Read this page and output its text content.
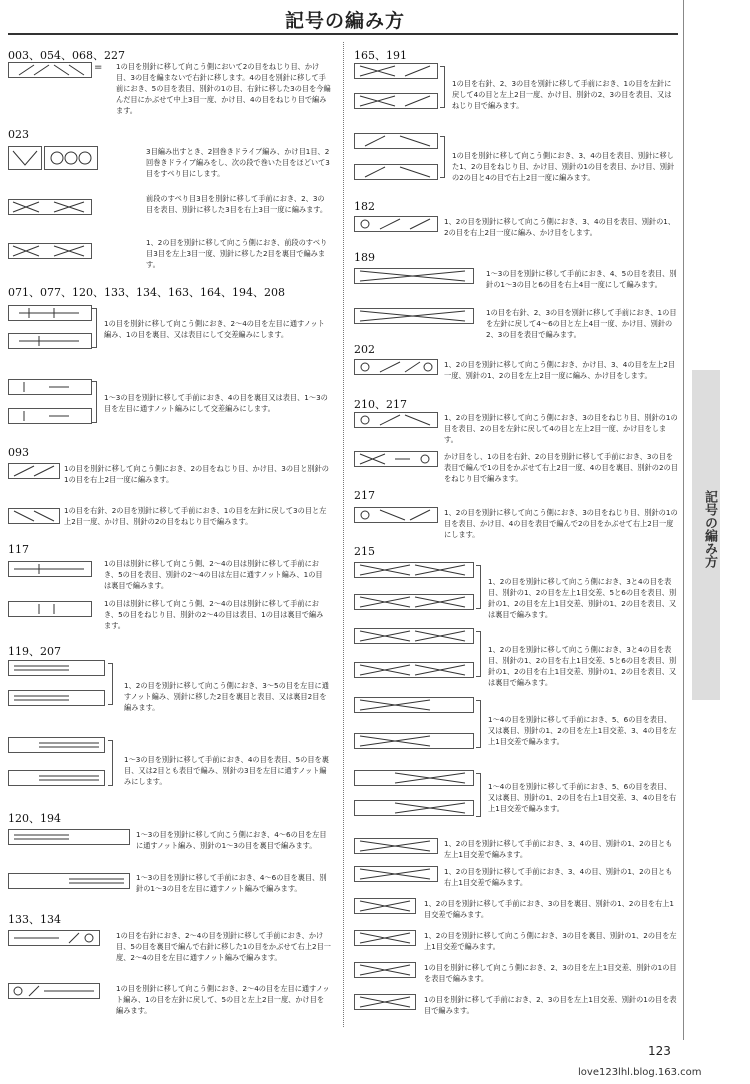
記号の編み方
記号の編み方
003、054、068、227
= 1の目を別針に移して向こう側において2の目をねじり目、かけ目、3の目を編まないで右針に移します。4の目を別針に移して手前におき、5の目を表目、別針の1の目、右針に移した3の目を今編んだ目にかぶせて中上3目一度、かけ目、4の目をねじり目で編みます。
023
3目編み出すとき、2回巻きドライブ編み、かけ目1目、2回巻きドライブ編みをし、次の段で巻いた目をほどいて3目をすべり目にします。
前段のすべり目3目を別針に移して手前におき、2、3の目を表目、別針に移した3目を右上3目一度に編みます。
1、2の目を別針に移して向こう側におき、前段のすべり目3目を左上3目一度、別針に移した2目を裏目で編みます。
071、077、120、133、134、163、164、194、208
1の目を別針に移して向こう側におき、2〜4の目を左目に通すノット編み、1の目を裏目、又は表目にして交差編みにします。
1〜3の目を別針に移して手前におき、4の目を裏目又は表目、1〜3の目を左目に通すノット編みにして交差編みにします。
093
1の目を別針に移して向こう側におき、2の目をねじり目、かけ目、3の目と別針の1の目を右上2目一度に編みます。
1の目を右針、2の目を別針に移して手前におき、1の目を左針に戻して3の目と左上2目一度、かけ目、別針の2の目をねじり目で編みます。
117
1の目は別針に移して向こう側、2〜4の目は別針に移して手前におき、5の目を表目、別針の2〜4の目は左目に通すノット編み、1の目は裏目で編みます。
1の目は別針に移して向こう側、2〜4の目は別針に移して手前におき、5の目をねじり目、別針の2〜4の目は表目、1の目は裏目で編みます。
119、207
1、2の目を別針に移して向こう側におき、3〜5の目を左目に通すノット編み、別針に移した2目を裏目と表目、又は裏目2目を編みます。
1〜3の目を別針に移して手前におき、4の目を表目、5の目を裏目、又は2目とも表目で編み、別針の3目を左目に通すノット編みにします。
120、194
1〜3の目を別針に移して向こう側におき、4〜6の目を左目に通すノット編み、別針の1〜3の目を裏目で編みます。
1〜3の目を別針に移して手前におき、4〜6の目を裏目、別針の1〜3の目を左目に通すノット編みで編みます。
133、134
1の目を右針におき、2〜4の目を別針に移して手前におき、かけ目、5の目を裏目で編んで右針に移した1の目をかぶせて右上2目一度、2〜4の目を左目に通すノット編みで編みます。
1の目を別針に移して向こう側におき、2〜4の目を左目に通すノット編み、1の目を左針に戻して、5の目と左上2目一度、かけ目を編みます。
165、191
1の目を右針、2、3の目を別針に移して手前におき、1の目を左針に戻して4の目と左上2目一度、かけ目、別針の2、3の目を表目、又はねじり目で編みます。
1の目を別針に移して向こう側におき、3、4の目を表目、別針に移した1、2の目をねじり目、かけ目、別針の1の目を表目、かけ目、別針の2の目と4の目で右上2目一度に編みます。
182
1、2の目を別針に移して向こう側におき、3、4の目を表目、別針の1、2の目を右上2目一度に編み、かけ目をします。
189
1〜3の目を別針に移して手前におき、4、5の目を表目、別針の1〜3の目と6の目を右上4目一度にして編みます。
1の目を右針、2、3の目を別針に移して手前におき、1の目を左針に戻して4〜6の目と左上4目一度、かけ目、別針の2、3の目を表目で編みます。
202
1、2の目を別針に移して向こう側におき、かけ目、3、4の目を左上2目一度、別針の1、2の目を左上2目一度に編み、かけ目をします。
210、217
1、2の目を別針に移して向こう側におき、3の目をねじり目、別針の1の目を表目、2の目を左針に戻して4の目と左上2目一度、かけ目をします。
かけ目をし、1の目を右針、2の目を別針に移して手前におき、3の目を表目で編んで1の目をかぶせて右上2目一度、4の目を裏目、別針の2の目をねじり目で編みます。
217
1、2の目を別針に移して向こう側におき、3の目をねじり目、別針の1の目を表目、かけ目、4の目を表目で編んで2の目をかぶせて右上2目一度にします。
215
1、2の目を別針に移して向こう側におき、3と4の目を表目、別針の1、2の目を左上1目交差、5と6の目を表目、別針の1、2の目を左上1目交差、別針の1、2の目を表目、又は裏目で編みます。
1、2の目を別針に移して向こう側におき、3と4の目を表目、別針の1、2の目を右上1目交差、5と6の目を表目、別針の1、2の目を右上1目交差、別針の1、2の目を表目、又は裏目で編みます。
1〜4の目を別針に移して手前におき、5、6の目を表目、又は裏目、別針の1、2の目を左上1目交差、3、4の目を左上1目交差で編みます。
1〜4の目を別針に移して手前におき、5、6の目を表目、又は裏目、別針の1、2の目を右上1目交差、3、4の目を右上1目交差で編みます。
1、2の目を別針に移して手前におき、3、4の目、別針の1、2の目とも左上1目交差で編みます。
1、2の目を別針に移して手前におき、3、4の目、別針の1、2の目とも右上1目交差で編みます。
1、2の目を別針に移して手前におき、3の目を裏目、別針の1、2の目を右上1目交差で編みます。
1、2の目を別針に移して向こう側におき、3の目を裏目、別針の1、2の目を左上1目交差で編みます。
1の目を別針に移して向こう側におき、2、3の目を左上1目交差、別針の1の目を表目で編みます。
1の目を別針に移して手前におき、2、3の目を左上1目交差、別針の1の目を表目で編みます。
123
love123lhl.blog.163.com
